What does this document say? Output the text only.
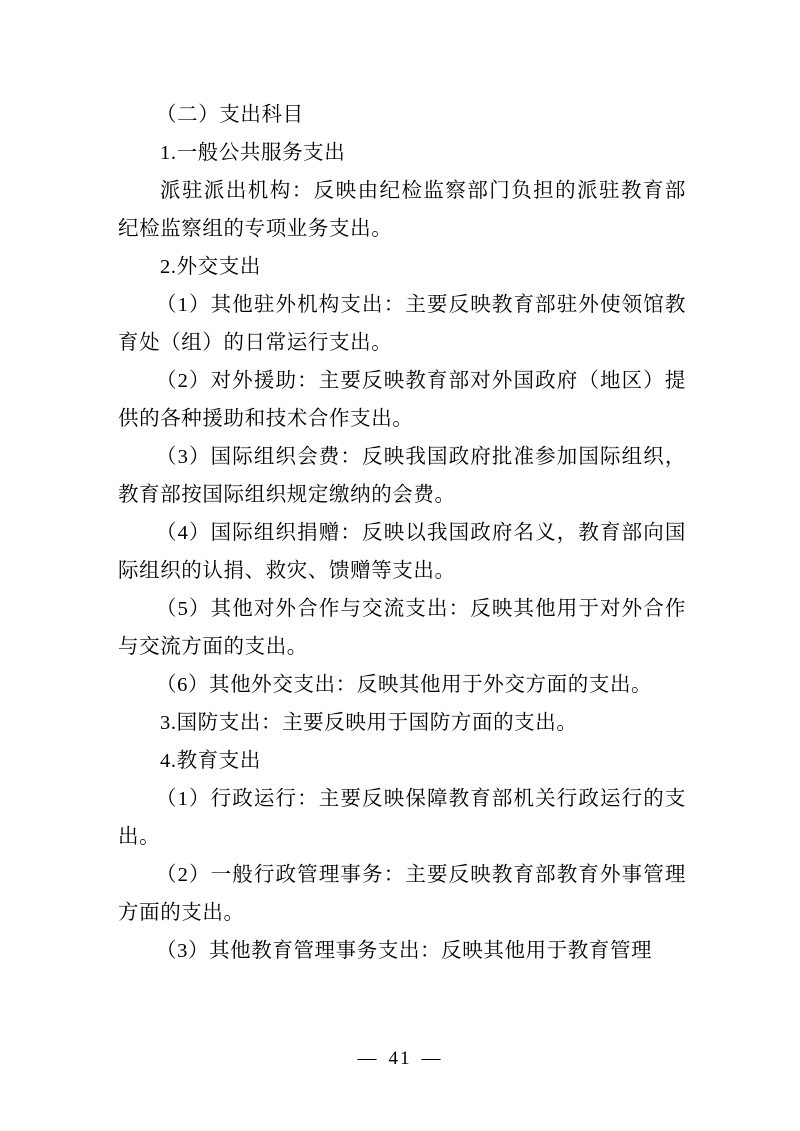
（二）支出科目

1.一般公共服务支出

派驻派出机构：反映由纪检监察部门负担的派驻教育部纪检监察组的专项业务支出。

2.外交支出

（1）其他驻外机构支出：主要反映教育部驻外使领馆教育处（组）的日常运行支出。

（2）对外援助：主要反映教育部对外国政府（地区）提供的各种援助和技术合作支出。

（3）国际组织会费：反映我国政府批准参加国际组织，教育部按国际组织规定缴纳的会费。

（4）国际组织捐赠：反映以我国政府名义，教育部向国际组织的认捐、救灾、馈赠等支出。

（5）其他对外合作与交流支出：反映其他用于对外合作与交流方面的支出。

（6）其他外交支出：反映其他用于外交方面的支出。

3.国防支出：主要反映用于国防方面的支出。

4.教育支出

（1）行政运行：主要反映保障教育部机关行政运行的支出。

（2）一般行政管理事务：主要反映教育部教育外事管理方面的支出。

（3）其他教育管理事务支出：反映其他用于教育管理

— 41 —
